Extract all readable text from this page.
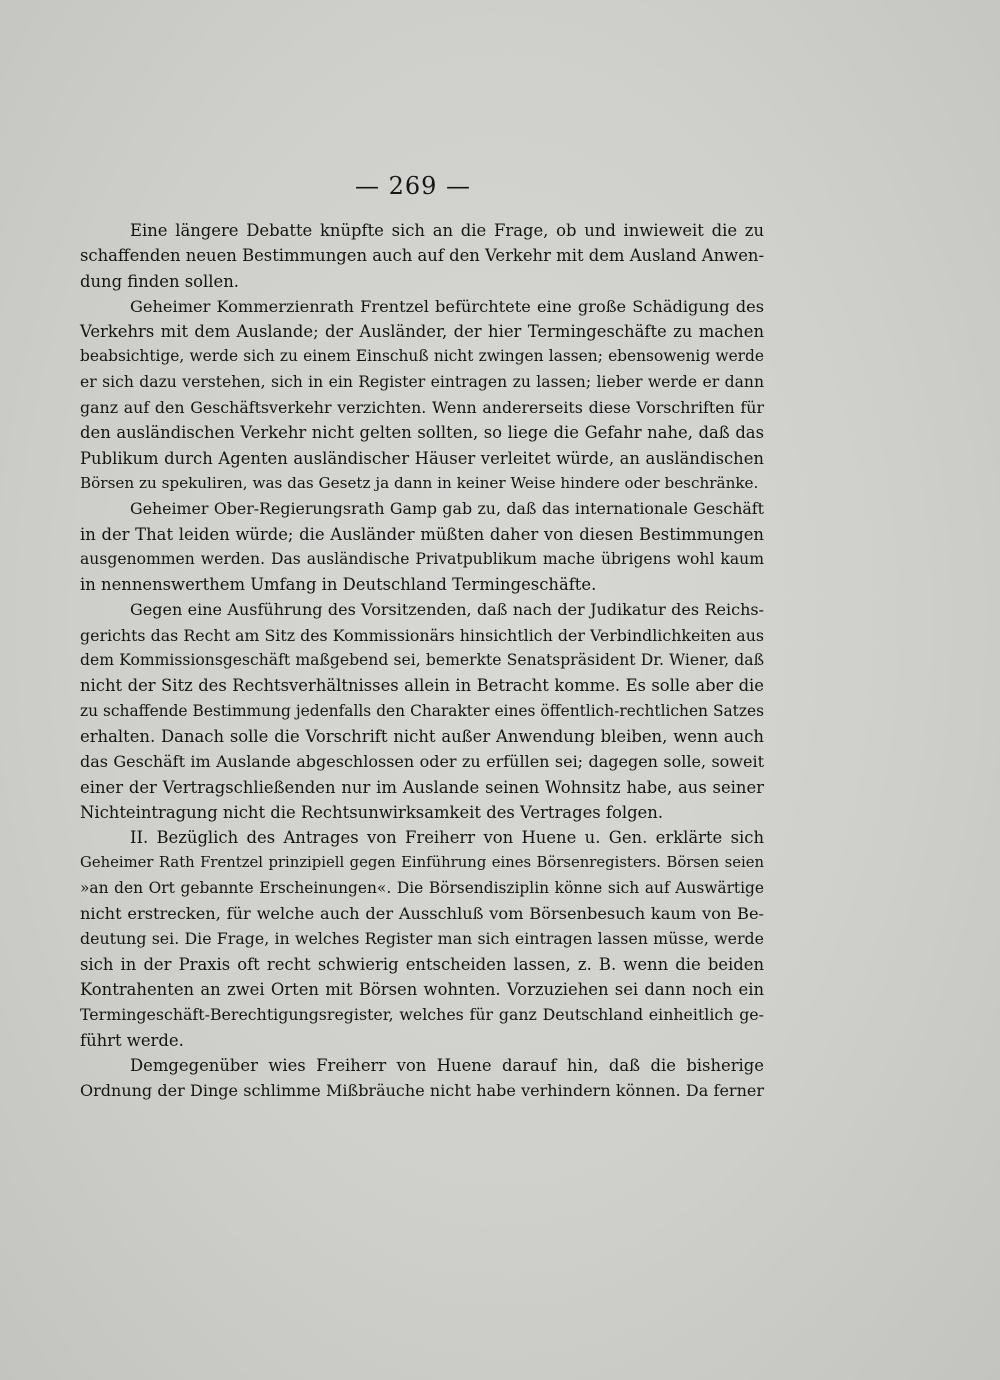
— 269 —
Eine längere Debatte knüpfte sich an die Frage, ob und inwieweit die zu
schaffenden neuen Bestimmungen auch auf den Verkehr mit dem Ausland Anwen-
dung finden sollen.
Geheimer Kommerzienrath Frentzel befürchtete eine große Schädigung des
Verkehrs mit dem Auslande; der Ausländer, der hier Termingeschäfte zu machen
beabsichtige, werde sich zu einem Einschuß nicht zwingen lassen; ebensowenig werde
er sich dazu verstehen, sich in ein Register eintragen zu lassen; lieber werde er dann
ganz auf den Geschäftsverkehr verzichten. Wenn andererseits diese Vorschriften für
den ausländischen Verkehr nicht gelten sollten, so liege die Gefahr nahe, daß das
Publikum durch Agenten ausländischer Häuser verleitet würde, an ausländischen
Börsen zu spekuliren, was das Gesetz ja dann in keiner Weise hindere oder beschränke.
Geheimer Ober-Regierungsrath Gamp gab zu, daß das internationale Geschäft
in der That leiden würde; die Ausländer müßten daher von diesen Bestimmungen
ausgenommen werden. Das ausländische Privatpublikum mache übrigens wohl kaum
in nennenswerthem Umfang in Deutschland Termingeschäfte.
Gegen eine Ausführung des Vorsitzenden, daß nach der Judikatur des Reichs-
gerichts das Recht am Sitz des Kommissionärs hinsichtlich der Verbindlichkeiten aus
dem Kommissionsgeschäft maßgebend sei, bemerkte Senatspräsident Dr. Wiener, daß
nicht der Sitz des Rechtsverhältnisses allein in Betracht komme. Es solle aber die
zu schaffende Bestimmung jedenfalls den Charakter eines öffentlich-rechtlichen Satzes
erhalten. Danach solle die Vorschrift nicht außer Anwendung bleiben, wenn auch
das Geschäft im Auslande abgeschlossen oder zu erfüllen sei; dagegen solle, soweit
einer der Vertragschließenden nur im Auslande seinen Wohnsitz habe, aus seiner
Nichteintragung nicht die Rechtsunwirksamkeit des Vertrages folgen.
II. Bezüglich des Antrages von Freiherr von Huene u. Gen. erklärte sich
Geheimer Rath Frentzel prinzipiell gegen Einführung eines Börsenregisters. Börsen seien
»an den Ort gebannte Erscheinungen«. Die Börsendisziplin könne sich auf Auswärtige
nicht erstrecken, für welche auch der Ausschluß vom Börsenbesuch kaum von Be-
deutung sei. Die Frage, in welches Register man sich eintragen lassen müsse, werde
sich in der Praxis oft recht schwierig entscheiden lassen, z. B. wenn die beiden
Kontrahenten an zwei Orten mit Börsen wohnten. Vorzuziehen sei dann noch ein
Termingeschäft-Berechtigungsregister, welches für ganz Deutschland einheitlich ge-
führt werde.
Demgegenüber wies Freiherr von Huene darauf hin, daß die bisherige
Ordnung der Dinge schlimme Mißbräuche nicht habe verhindern können. Da ferner
